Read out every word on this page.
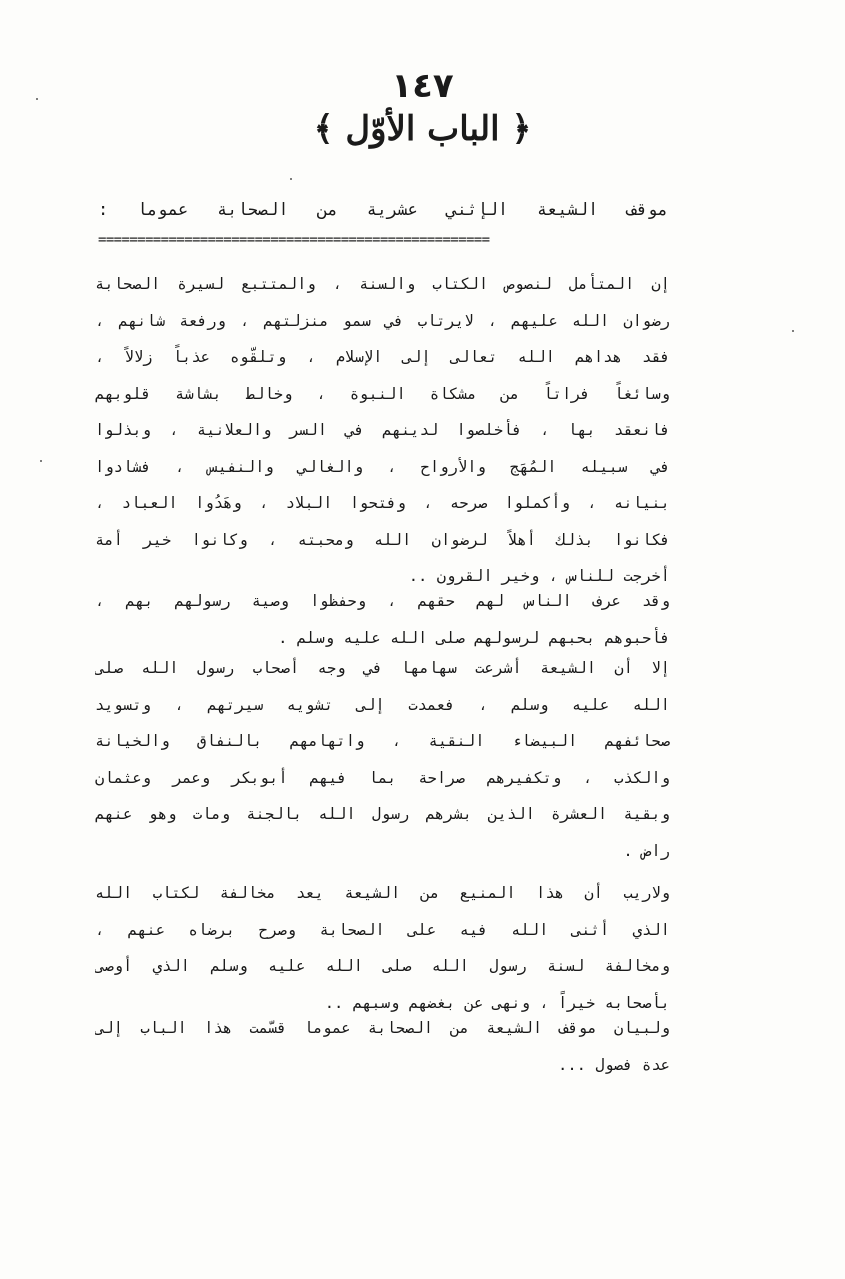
١٤٧
﴿ الباب الأوّل ﴾
موقف الشيعة الإثني عشرية من الصحابة عموما :
==================================================
إن المتأمل لنصوص الكتاب والسنة ، والمتتبع لسيرة الصحابة
رضوان الله عليهم ، لايرتاب في سمو منزلتهم ، ورفعة شانهم ،
فقد هداهم الله تعالى إلى الإسلام ، وتلقّوه عذباً زلالاً ،
وسائغاً فراتاً من مشكاة النبوة ، وخالط بشاشة قلوبهم
فانعقد بها ، فأخلصوا لدينهم في السر والعلانية ، وبذلوا
في سبيله المُهَج والأرواح ، والغالي والنفيس ، فشادوا
بنيانه ، وأكملوا صرحه ، وفتحوا البلاد ، وهَدُوا العباد ،
فكانوا بذلك أهلاً لرضوان الله ومحبته ، وكانوا خير أمة
أخرجت للناس ، وخير القرون ..
وقد عرف الناس لهم حقهم ، وحفظوا وصية رسولهم بهم ،
فأحبوهم بحبهم لرسولهم صلى الله عليه وسلم .
إلا أن الشيعة أشرعت سهامها في وجه أصحاب رسول الله صلى
الله عليه وسلم ، فعمدت إلى تشويه سيرتهم ، وتسويد
صحائفهم البيضاء النقية ، واتهامهم بالنفاق والخيانة
والكذب ، وتكفيرهم صراحة بما فيهم أبوبكر وعمر وعثمان
وبقية العشرة الذين بشرهم رسول الله بالجنة ومات وهو عنهم
راض .
ولاريب أن هذا المنيع من الشيعة يعد مخالفة لكتاب الله
الذي أثنى الله فيه على الصحابة وصرح برضاه عنهم ،
ومخالفة لسنة رسول الله صلى الله عليه وسلم الذي أوصى
بأصحابه خيراً ، ونهى عن بغضهم وسبهم ..
ولبيان موقف الشيعة من الصحابة عموما قسّمت هذا الباب إلى
عدة فصول ...
